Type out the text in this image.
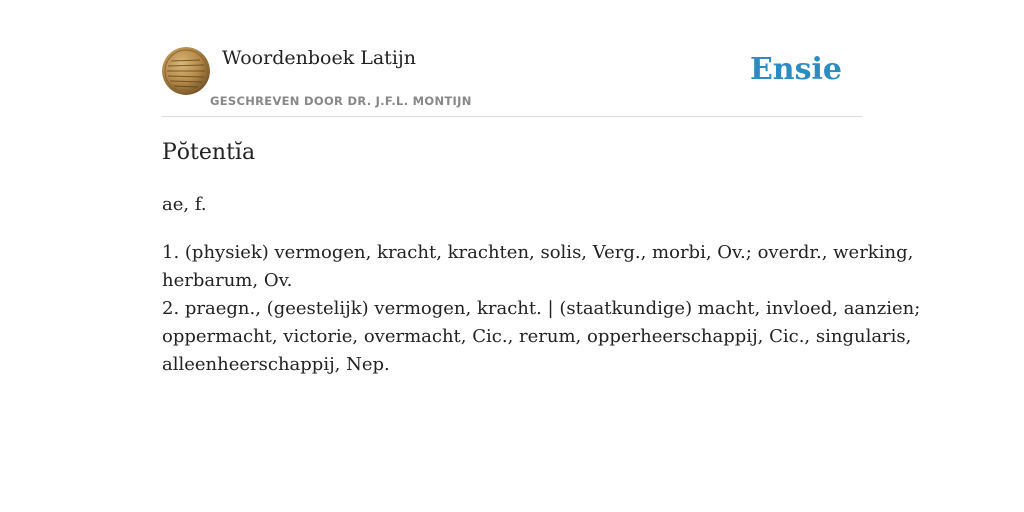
Woordenboek Latijn
GESCHREVEN DOOR DR. J.F.L. MONTIJN
Ensie
Pŏtentĭa

ae, f.

1. (physiek) vermogen, kracht, krachten, solis, Verg., morbi, Ov.; overdr., werking,
herbarum, Ov.
2. praegn., (geestelijk) vermogen, kracht. | (staatkundige) macht, invloed, aanzien;
oppermacht, victorie, overmacht, Cic., rerum, opperheerschappij, Cic., singularis,
alleenheerschappij, Nep.
